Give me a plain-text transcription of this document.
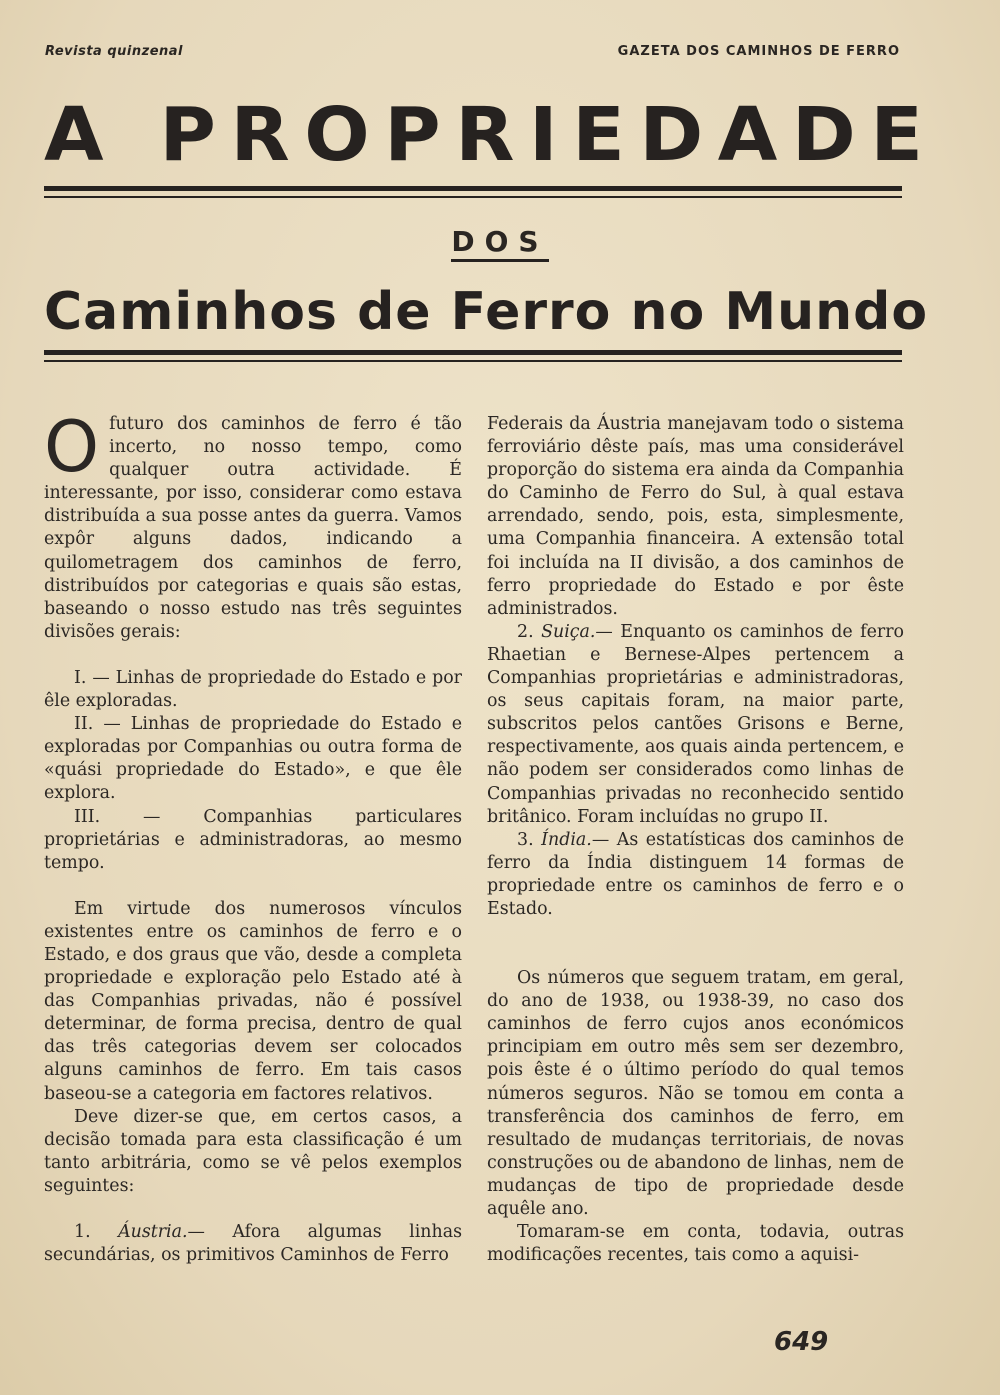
Revista quinzenal	GAZETA DOS CAMINHOS DE FERRO
A PROPRIEDADE
DOS
Caminhos de Ferro no Mundo

Ofuturo dos caminhos de ferro é tão incerto, no nosso tempo, como qualquer outra actividade. É interessante, por isso, considerar como estava distribuída a sua posse antes da guerra. Vamos expôr alguns dados, indicando a quilometragem dos caminhos de ferro, distribuídos por categorias e quais são estas, baseando o nosso estudo nas três seguintes divisões gerais:

I. — Linhas de propriedade do Estado e por êle exploradas.

II. — Linhas de propriedade do Estado e exploradas por Companhias ou outra forma de «quási propriedade do Estado», e que êle explora.

III. — Companhias particulares proprietárias e administradoras, ao mesmo tempo.

Em virtude dos numerosos vínculos existentes entre os caminhos de ferro e o Estado, e dos graus que vão, desde a completa propriedade e exploração pelo Estado até à das Companhias privadas, não é possível determinar, de forma precisa, dentro de qual das três categorias devem ser colocados alguns caminhos de ferro. Em tais casos baseou-se a categoria em factores relativos.

Deve dizer-se que, em certos casos, a decisão tomada para esta classificação é um tanto arbitrária, como se vê pelos exemplos seguintes:

1. Áustria.— Afora algumas linhas secundárias, os primitivos Caminhos de Ferro

Federais da Áustria manejavam todo o sistema ferroviário dêste país, mas uma considerável proporção do sistema era ainda da Companhia do Caminho de Ferro do Sul, à qual estava arrendado, sendo, pois, esta, simplesmente, uma Companhia financeira. A extensão total foi incluída na II divisão, a dos caminhos de ferro propriedade do Estado e por êste administrados.

2. Suiça.— Enquanto os caminhos de ferro Rhaetian e Bernese-Alpes pertencem a Companhias proprietárias e administradoras, os seus capitais foram, na maior parte, subscritos pelos cantões Grisons e Berne, respectivamente, aos quais ainda pertencem, e não podem ser considerados como linhas de Companhias privadas no reconhecido sentido britânico. Foram incluídas no grupo II.

3. Índia.— As estatísticas dos caminhos de ferro da Índia distinguem 14 formas de propriedade entre os caminhos de ferro e o Estado.

Os números que seguem tratam, em geral, do ano de 1938, ou 1938-39, no caso dos caminhos de ferro cujos anos económicos principiam em outro mês sem ser dezembro, pois êste é o último período do qual temos números seguros. Não se tomou em conta a transferência dos caminhos de ferro, em resultado de mudanças territoriais, de novas construções ou de abandono de linhas, nem de mudanças de tipo de propriedade desde aquêle ano.

Tomaram-se em conta, todavia, outras modificações recentes, tais como a aquisi-

649
